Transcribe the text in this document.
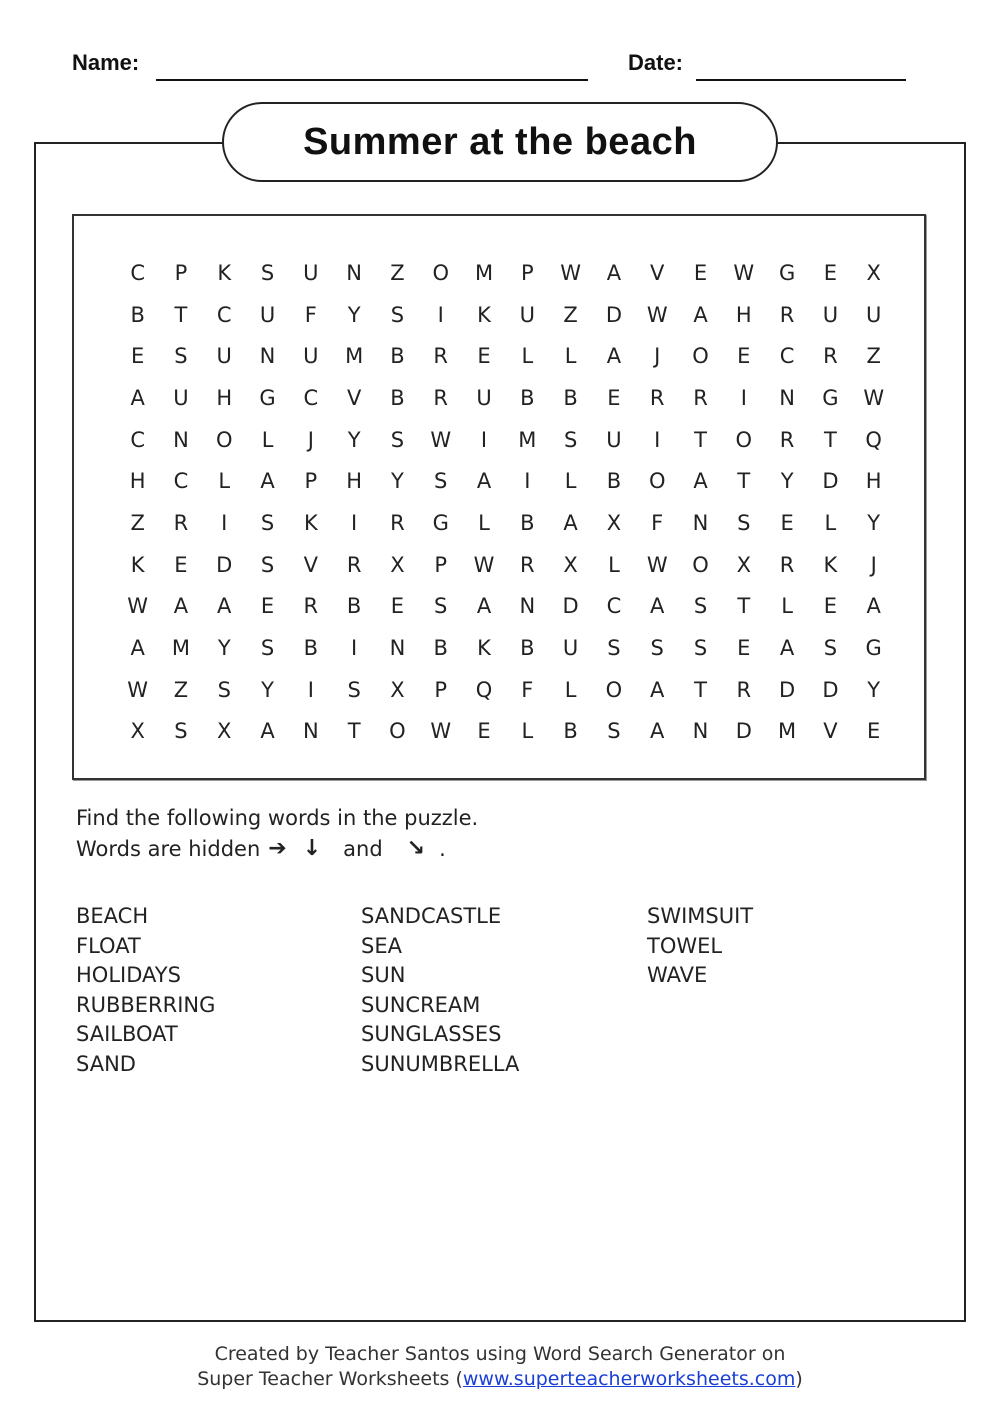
Name:	Date:
Summer at the beach
C	P	K	S	U	N	Z	O	M	P	W	A	V	E	W	G	E	X
B	T	C	U	F	Y	S	I	K	U	Z	D	W	A	H	R	U	U
E	S	U	N	U	M	B	R	E	L	L	A	J	O	E	C	R	Z
A	U	H	G	C	V	B	R	U	B	B	E	R	R	I	N	G	W
C	N	O	L	J	Y	S	W	I	M	S	U	I	T	O	R	T	Q
H	C	L	A	P	H	Y	S	A	I	L	B	O	A	T	Y	D	H
Z	R	I	S	K	I	R	G	L	B	A	X	F	N	S	E	L	Y
K	E	D	S	V	R	X	P	W	R	X	L	W	O	X	R	K	J
W	A	A	E	R	B	E	S	A	N	D	C	A	S	T	L	E	A
A	M	Y	S	B	I	N	B	K	B	U	S	S	S	E	A	S	G
W	Z	S	Y	I	S	X	P	Q	F	L	O	A	T	R	D	D	Y
X	S	X	A	N	T	O	W	E	L	B	S	A	N	D	M	V	E
Find the following words in the puzzle.
Words are hidden ➔ ↓ and ↘ .
BEACH
FLOAT
HOLIDAYS
RUBBERRING
SAILBOAT
SAND
SANDCASTLE
SEA
SUN
SUNCREAM
SUNGLASSES
SUNUMBRELLA
SWIMSUIT
TOWEL
WAVE
Created by Teacher Santos using Word Search Generator on
Super Teacher Worksheets (www.superteacherworksheets.com)
